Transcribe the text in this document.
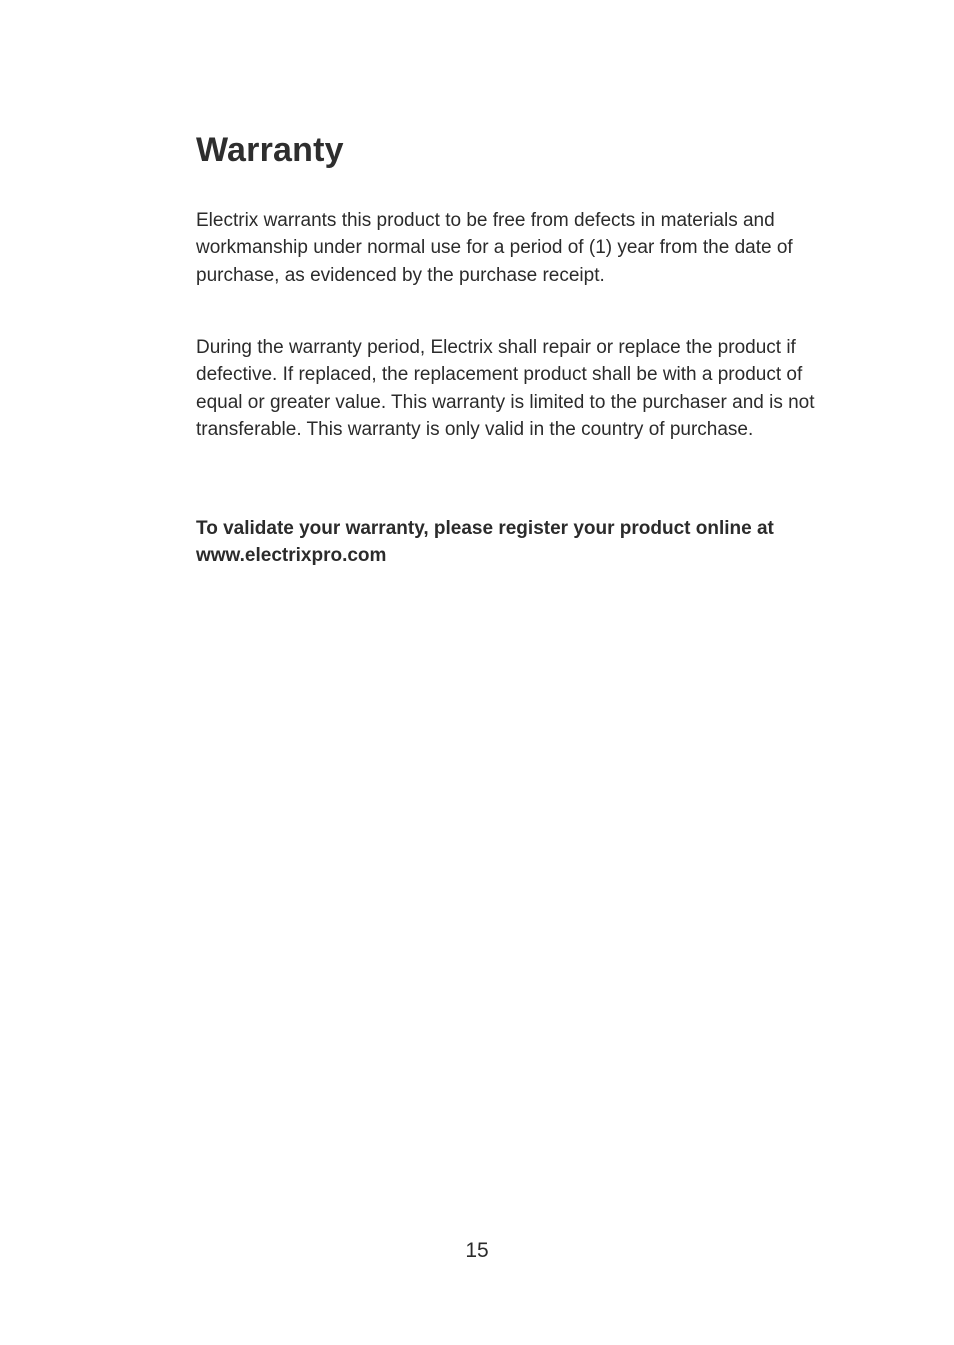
Warranty

Electrix warrants this product to be free from defects in materials and workmanship under normal use for a period of (1) year from the date of purchase, as evidenced by the purchase receipt.

During the warranty period, Electrix shall repair or replace the product if defective. If replaced, the replacement product shall be with a product of equal or greater value. This warranty is limited to the purchaser and is not transferable. This warranty is only valid in the country of purchase.

To validate your warranty, please register your product online at
www.electrixpro.com

15
